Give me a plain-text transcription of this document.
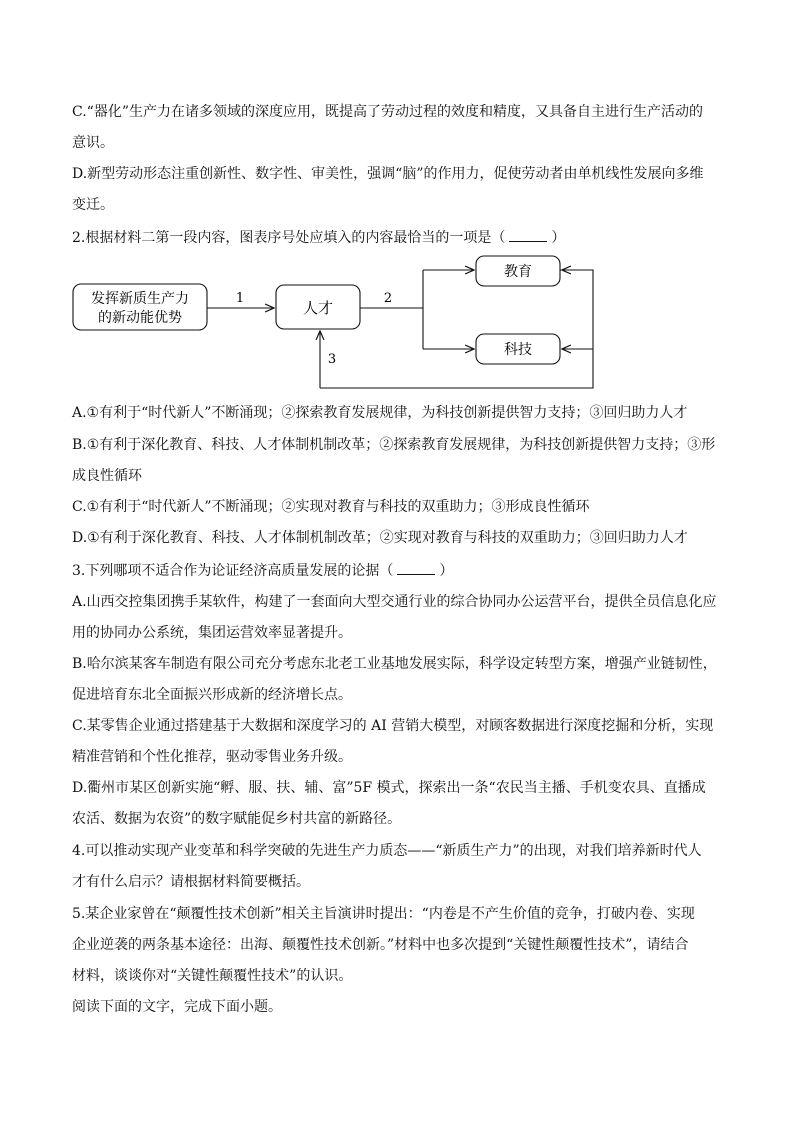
C.“器化”生产力在诸多领域的深度应用，既提高了劳动过程的效度和精度，又具备自主进行生产活动的
意识。
D.新型劳动形态注重创新性、数字性、审美性，强调“脑”的作用力，促使劳动者由单机线性发展向多维
变迁。
2.根据材料二第一段内容，图表序号处应填入的内容最恰当的一项是（	）
发挥新质生产力
的新动能优势
人才
教育
科技
1	2
3
A.①有利于“时代新人”不断涌现；②探索教育发展规律，为科技创新提供智力支持；③回归助力人才
B.①有利于深化教育、科技、人才体制机制改革；②探索教育发展规律，为科技创新提供智力支持；③形
成良性循环
C.①有利于“时代新人”不断涌现；②实现对教育与科技的双重助力；③形成良性循环
D.①有利于深化教育、科技、人才体制机制改革；②实现对教育与科技的双重助力；③回归助力人才
3.下列哪项不适合作为论证经济高质量发展的论据（	）
A.山西交控集团携手某软件，构建了一套面向大型交通行业的综合协同办公运营平台，提供全员信息化应
用的协同办公系统，集团运营效率显著提升。
B.哈尔滨某客车制造有限公司充分考虑东北老工业基地发展实际，科学设定转型方案，增强产业链韧性，
促进培育东北全面振兴形成新的经济增长点。
C.某零售企业通过搭建基于大数据和深度学习的 AI 营销大模型，对顾客数据进行深度挖掘和分析，实现
精准营销和个性化推荐，驱动零售业务升级。
D.衢州市某区创新实施“孵、服、扶、辅、富”5F 模式，探索出一条“农民当主播、手机变农具、直播成
农活、数据为农资”的数字赋能促乡村共富的新路径。
4.可以推动实现产业变革和科学突破的先进生产力质态——“新质生产力”的出现，对我们培养新时代人
才有什么启示？请根据材料简要概括。
5.某企业家曾在“颠覆性技术创新”相关主旨演讲时提出：“内卷是不产生价值的竞争，打破内卷、实现
企业逆袭的两条基本途径：出海、颠覆性技术创新。”材料中也多次提到“关键性颠覆性技术”，请结合
材料，谈谈你对“关键性颠覆性技术”的认识。
阅读下面的文字，完成下面小题。
